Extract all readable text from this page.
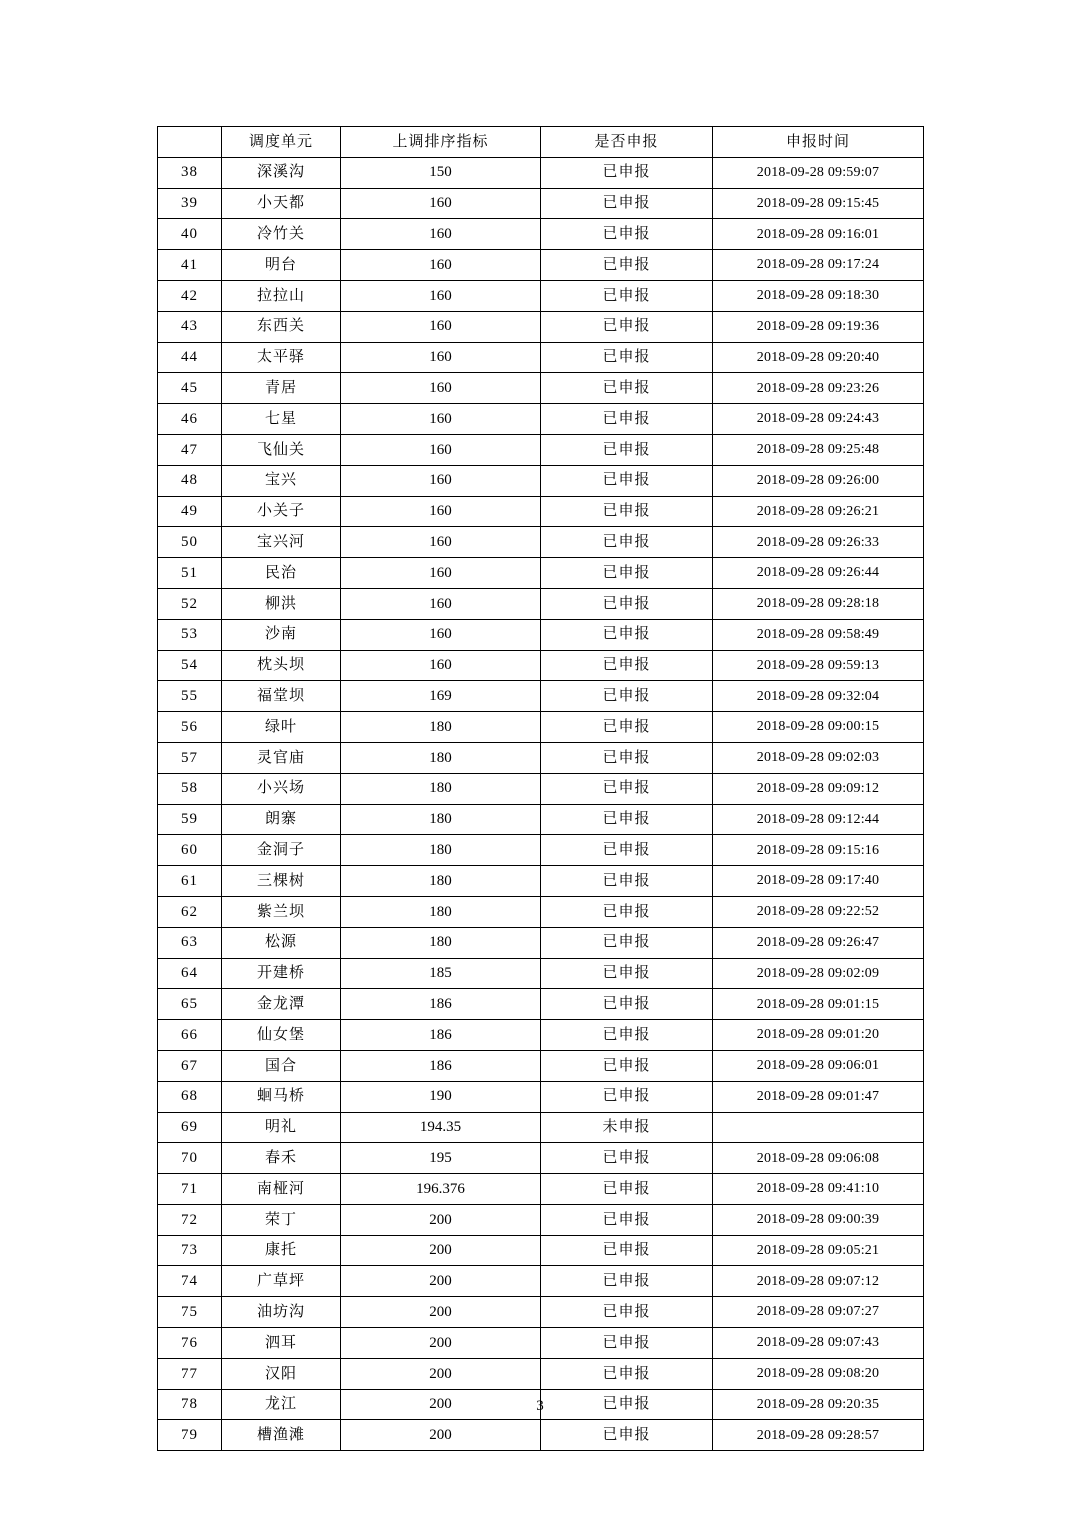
	调度单元	上调排序指标	是否申报	申报时间
38	深溪沟	150	已申报	2018-09-28 09:59:07
39	小天都	160	已申报	2018-09-28 09:15:45
40	冷竹关	160	已申报	2018-09-28 09:16:01
41	明台	160	已申报	2018-09-28 09:17:24
42	拉拉山	160	已申报	2018-09-28 09:18:30
43	东西关	160	已申报	2018-09-28 09:19:36
44	太平驿	160	已申报	2018-09-28 09:20:40
45	青居	160	已申报	2018-09-28 09:23:26
46	七星	160	已申报	2018-09-28 09:24:43
47	飞仙关	160	已申报	2018-09-28 09:25:48
48	宝兴	160	已申报	2018-09-28 09:26:00
49	小关子	160	已申报	2018-09-28 09:26:21
50	宝兴河	160	已申报	2018-09-28 09:26:33
51	民治	160	已申报	2018-09-28 09:26:44
52	柳洪	160	已申报	2018-09-28 09:28:18
53	沙南	160	已申报	2018-09-28 09:58:49
54	枕头坝	160	已申报	2018-09-28 09:59:13
55	福堂坝	169	已申报	2018-09-28 09:32:04
56	绿叶	180	已申报	2018-09-28 09:00:15
57	灵官庙	180	已申报	2018-09-28 09:02:03
58	小兴场	180	已申报	2018-09-28 09:09:12
59	朗寨	180	已申报	2018-09-28 09:12:44
60	金洞子	180	已申报	2018-09-28 09:15:16
61	三棵树	180	已申报	2018-09-28 09:17:40
62	紫兰坝	180	已申报	2018-09-28 09:22:52
63	松源	180	已申报	2018-09-28 09:26:47
64	开建桥	185	已申报	2018-09-28 09:02:09
65	金龙潭	186	已申报	2018-09-28 09:01:15
66	仙女堡	186	已申报	2018-09-28 09:01:20
67	国合	186	已申报	2018-09-28 09:06:01
68	蛔马桥	190	已申报	2018-09-28 09:01:47
69	明礼	194.35	未申报	
70	春禾	195	已申报	2018-09-28 09:06:08
71	南桠河	196.376	已申报	2018-09-28 09:41:10
72	荣丁	200	已申报	2018-09-28 09:00:39
73	康托	200	已申报	2018-09-28 09:05:21
74	广草坪	200	已申报	2018-09-28 09:07:12
75	油坊沟	200	已申报	2018-09-28 09:07:27
76	泗耳	200	已申报	2018-09-28 09:07:43
77	汉阳	200	已申报	2018-09-28 09:08:20
78	龙江	200	已申报	2018-09-28 09:20:35
79	槽渔滩	200	已申报	2018-09-28 09:28:57
3
